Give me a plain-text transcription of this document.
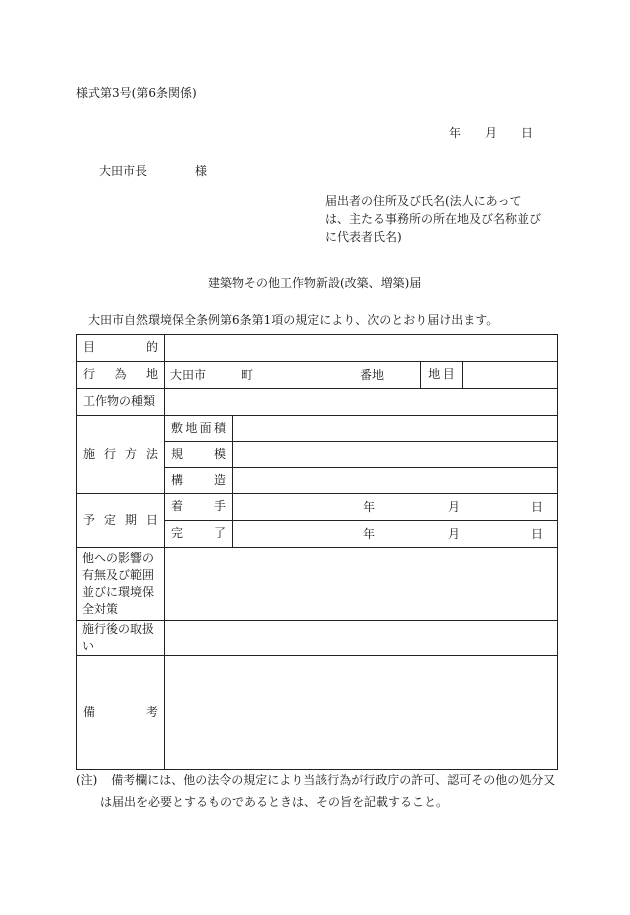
様式第3号(第6条関係)
年 月 日
大田市長	様
届出者の住所及び氏名(法人にあって
は、主たる事務所の所在地及び名称並び
に代表者氏名)
建築物その他工作物新設(改築、増築)届
大田市自然環境保全条例第6条第1項の規定により、次のとおり届け出ます。
目 的				

行 為 地	大田市 町 番地		地 目	

工作物の種類				

施 行 方 法	敷 地 面 積			

	規 模			

	構 造			

予 定 期 日	着 手	年 月 日		

	完 了	年 月 日		

他への影響の有無及び範囲並びに環境保全対策				

施行後の取扱い				

備 考				

(注) 備考欄には、他の法令の規定により当該行為が行政庁の許可、認可その他の処分又
は届出を必要とするものであるときは、その旨を記載すること。
